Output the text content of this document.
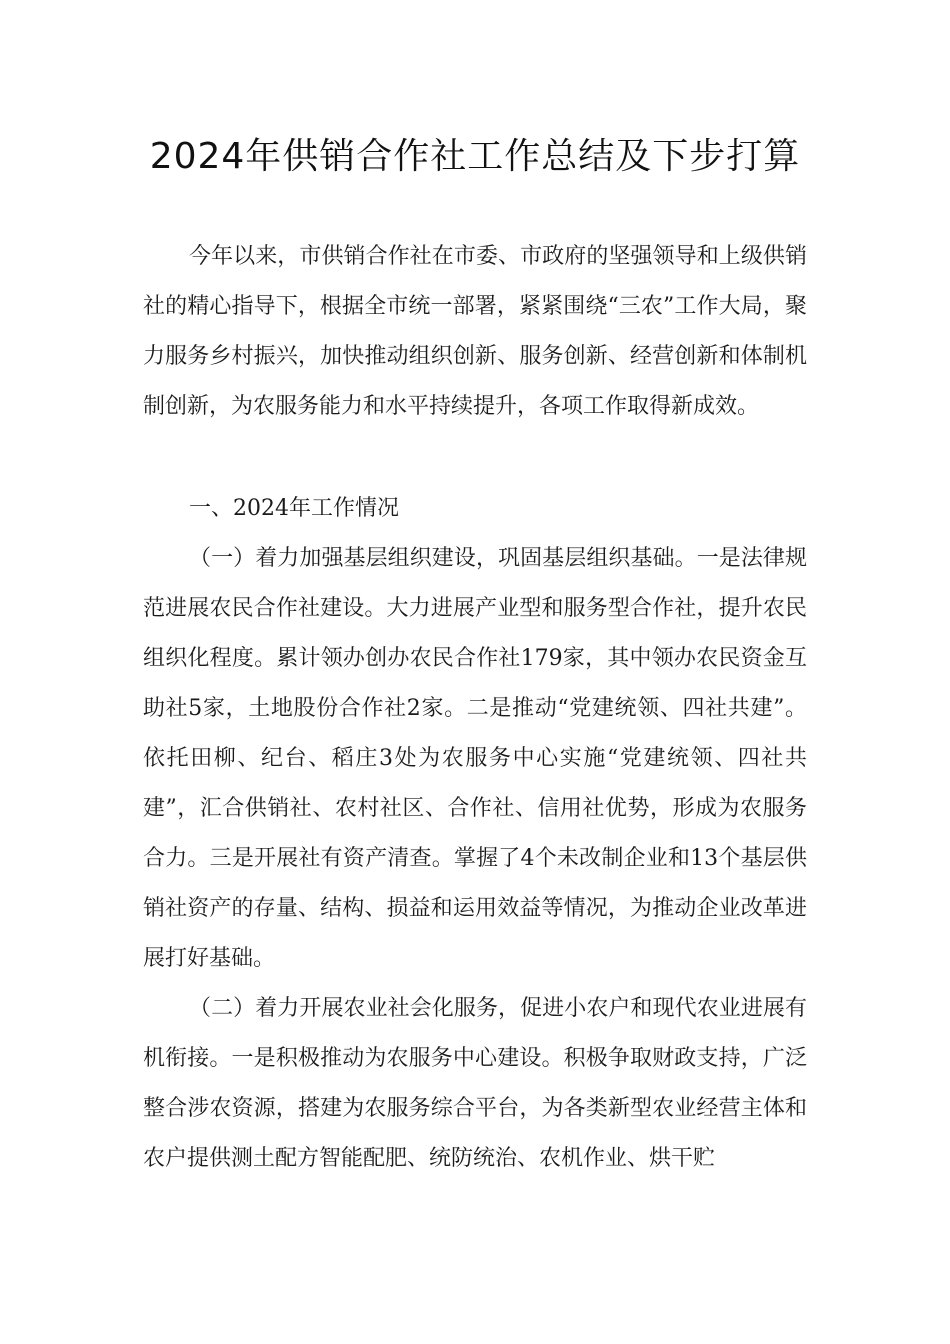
2024年供销合作社工作总结及下步打算

今年以来，市供销合作社在市委、市政府的坚强领导和上级供销社的精心指导下，根据全市统一部署，紧紧围绕“三农”工作大局，聚力服务乡村振兴，加快推动组织创新、服务创新、经营创新和体制机制创新，为农服务能力和水平持续提升，各项工作取得新成效。

一、2024年工作情况

（一）着力加强基层组织建设，巩固基层组织基础。一是法律规范进展农民合作社建设。大力进展产业型和服务型合作社，提升农民组织化程度。累计领办创办农民合作社179家，其中领办农民资金互助社5家，土地股份合作社2家。二是推动“党建统领、四社共建”。依托田柳、纪台、稻庄3处为农服务中心实施“党建统领、四社共建”，汇合供销社、农村社区、合作社、信用社优势，形成为农服务合力。三是开展社有资产清查。掌握了4个未改制企业和13个基层供销社资产的存量、结构、损益和运用效益等情况，为推动企业改革进展打好基础。

（二）着力开展农业社会化服务，促进小农户和现代农业进展有机衔接。一是积极推动为农服务中心建设。积极争取财政支持，广泛整合涉农资源，搭建为农服务综合平台，为各类新型农业经营主体和农户提供测土配方智能配肥、统防统治、农机作业、烘干贮
